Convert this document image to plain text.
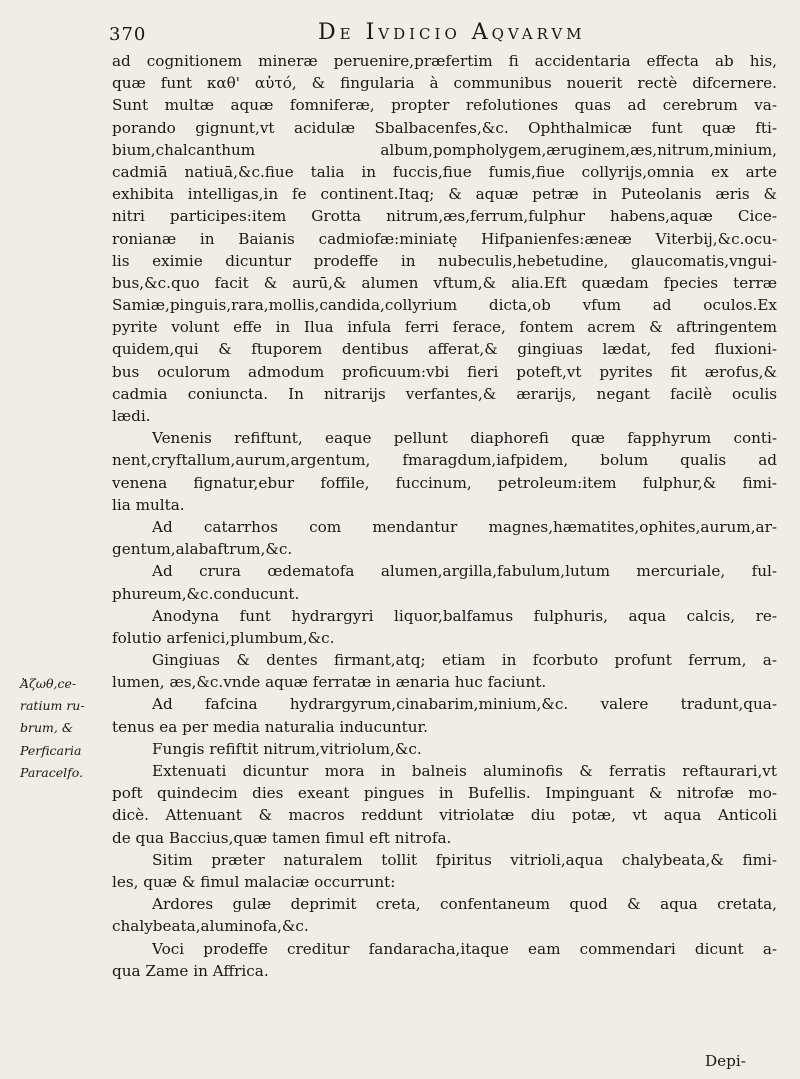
370	De Ivdicio Aqvarvm
ad cognitionem mineræ peruenire,præfertim fi accidentaria effecta ab his,
quæ funt καθ' αὑτό, & fingularia à communibus nouerit rectè difcernere.
Sunt multæ aquæ fomniferæ, propter refolutiones quas ad cerebrum va-
porando gignunt,vt acidulæ Sbalbacenfes,&c. Ophthalmicæ funt quæ fti-
bium,chalcanthum album,pompholygem,æruginem,æs,nitrum,minium,
cadmiā natiuā,&c.fiue talia in fuccis,fiue fumis,fiue collyrijs,omnia ex arte
exhibita intelligas,in fe continent.Itaq; & aquæ petræ in Puteolanis æris &
nitri participes:item Grotta nitrum,æs,ferrum,fulphur habens,aquæ Cice-
ronianæ in Baianis cadmiofæ:miniatę Hifpanienfes:æneæ Viterbij,&c.ocu-
lis eximie dicuntur prodeffe in nubeculis,hebetudine, glaucomatis,vngui-
bus,&c.quo facit & aurū,& alumen vftum,& alia.Eft quædam fpecies terræ
Samiæ,pinguis,rara,mollis,candida,collyrium dicta,ob vfum ad oculos.Ex
pyrite volunt effe in Ilua infula ferri ferace, fontem acrem & aftringentem
quidem,qui & ftuporem dentibus afferat,& gingiuas lædat, fed fluxioni-
bus oculorum admodum proficuum:vbi fieri poteft,vt pyrites fit ærofus,&
cadmia coniuncta. In nitrarijs verfantes,& ærarijs, negant facilè oculis
lædi.
Venenis refiftunt, eaque pellunt diaphorefi quæ fapphyrum conti-
nent,cryftallum,aurum,argentum, fmaragdum,iafpidem, bolum qualis ad
venena fignatur,ebur foffile, fuccinum, petroleum:item fulphur,& fimi-
lia multa.
Ad catarrhos com mendantur magnes,hæmatites,ophites,aurum,ar-
gentum,alabaftrum,&c.
Ad crura œdematofa alumen,argilla,fabulum,lutum mercuriale, ful-
phureum,&c.conducunt.
Anodyna funt hydrargyri liquor,balfamus fulphuris, aqua calcis, re-
folutio arfenici,plumbum,&c.
Gingiuas & dentes firmant,atq; etiam in fcorbuto profunt ferrum, a-
lumen, æs,&c.vnde aquæ ferratæ in ænaria huc faciunt.
Ad fafcina hydrargyrum,cinabarim,minium,&c. valere tradunt,qua-
tenus ea per media naturalia inducuntur.
Fungis refiftit nitrum,vitriolum,&c.
Extenuati dicuntur mora in balneis aluminofis & ferratis reftaurari,vt
poft quindecim dies exeant pingues in Bufellis. Impinguant & nitrofæ mo-
dicè. Attenuant & macros reddunt vitriolatæ diu potæ, vt aqua Anticoli
de qua Baccius,quæ tamen fimul eft nitrofa.
Sitim præter naturalem tollit fpiritus vitrioli,aqua chalybeata,& fimi-
les, quæ & fimul malaciæ occurrunt:
Ardores gulæ deprimit creta, confentaneum quod & aqua cretata,
chalybeata,aluminofa,&c.
Voci prodeffe creditur fandaracha,itaque eam commendari dicunt a-
qua Zame in Affrica.
Ἀζωθ,ce-
ratium ru-
brum, &
Perficaria
Paracelfo.
Depi-
